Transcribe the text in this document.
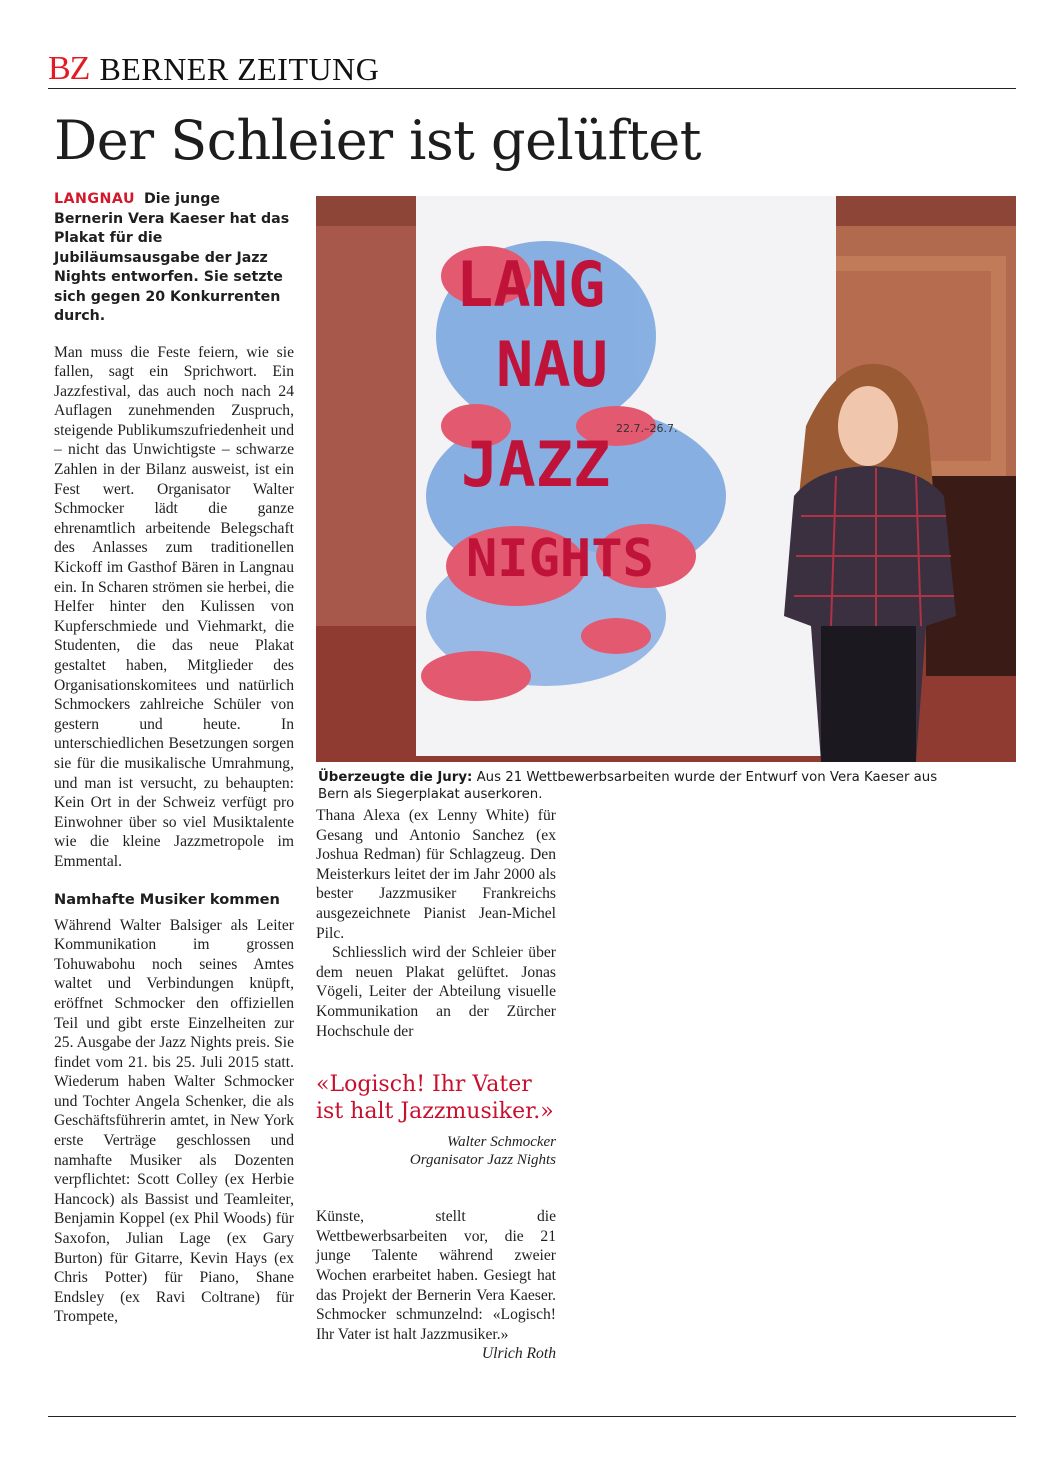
BZ BERNER ZEITUNG
Der Schleier ist gelüftet

LANGNAU Die junge Bernerin Vera Kaeser hat das Plakat für die Jubiläumsausgabe der Jazz Nights entworfen. Sie setzte sich gegen 20 Konkurrenten durch.

Man muss die Feste feiern, wie sie fallen, sagt ein Sprichwort. Ein Jazzfestival, das auch noch nach 24 Auflagen zunehmenden Zuspruch, steigende Publikumszufriedenheit und – nicht das Unwichtigste – schwarze Zahlen in der Bilanz ausweist, ist ein Fest wert. Organisator Walter Schmocker lädt die ganze ehrenamtlich arbeitende Belegschaft des Anlasses zum traditionellen Kickoff im Gasthof Bären in Langnau ein. In Scharen strömen sie herbei, die Helfer hinter den Kulissen von Kupferschmiede und Viehmarkt, die Studenten, die das neue Plakat gestaltet haben, Mitglieder des Organisationskomitees und natürlich Schmockers zahlreiche Schüler von gestern und heute. In unterschiedlichen Besetzungen sorgen sie für die musikalische Umrahmung, und man ist versucht, zu behaupten: Kein Ort in der Schweiz verfügt pro Einwohner über so viel Musiktalente wie die kleine Jazzmetropole im Emmental.

Namhafte Musiker kommen

Während Walter Balsiger als Leiter Kommunikation im grossen Tohuwabohu noch seines Amtes waltet und Verbindungen knüpft, eröffnet Schmocker den offiziellen Teil und gibt erste Einzelheiten zur 25. Ausgabe der Jazz Nights preis. Sie findet vom 21. bis 25. Juli 2015 statt. Wiederum haben Walter Schmocker und Tochter Angela Schenker, die als Geschäftsführerin amtet, in New York erste Verträge geschlossen und namhafte Musiker als Dozenten verpflichtet: Scott Colley (ex Herbie Hancock) als Bassist und Teamleiter, Benjamin Koppel (ex Phil Woods) für Saxofon, Julian Lage (ex Gary Burton) für Gitarre, Kevin Hays (ex Chris Potter) für Piano, Shane Endsley (ex Ravi Coltrane) für Trompete,

LANG
NAU
JAZZ
NIGHTS
22.7.–26.7.
Überzeugte die Jury: Aus 21 Wettbewerbsarbeiten wurde der Entwurf von Vera Kaeser aus Bern als Siegerplakat auserkoren.

Thana Alexa (ex Lenny White) für Gesang und Antonio Sanchez (ex Joshua Redman) für Schlagzeug. Den Meisterkurs leitet der im Jahr 2000 als bester Jazzmusiker Frankreichs ausgezeichnete Pianist Jean-Michel Pilc.

Schliesslich wird der Schleier über dem neuen Plakat gelüftet. Jonas Vögeli, Leiter der Abteilung visuelle Kommunikation an der Zürcher Hochschule der

«Logisch! Ihr Vater ist halt Jazzmusiker.»

Walter Schmocker

Organisator Jazz Nights

Künste, stellt die Wettbewerbsarbeiten vor, die 21 junge Talente während zweier Wochen erarbeitet haben. Gesiegt hat das Projekt der Bernerin Vera Kaeser. Schmocker schmunzelnd: «Logisch! Ihr Vater ist halt Jazzmusiker.»

Ulrich Roth
